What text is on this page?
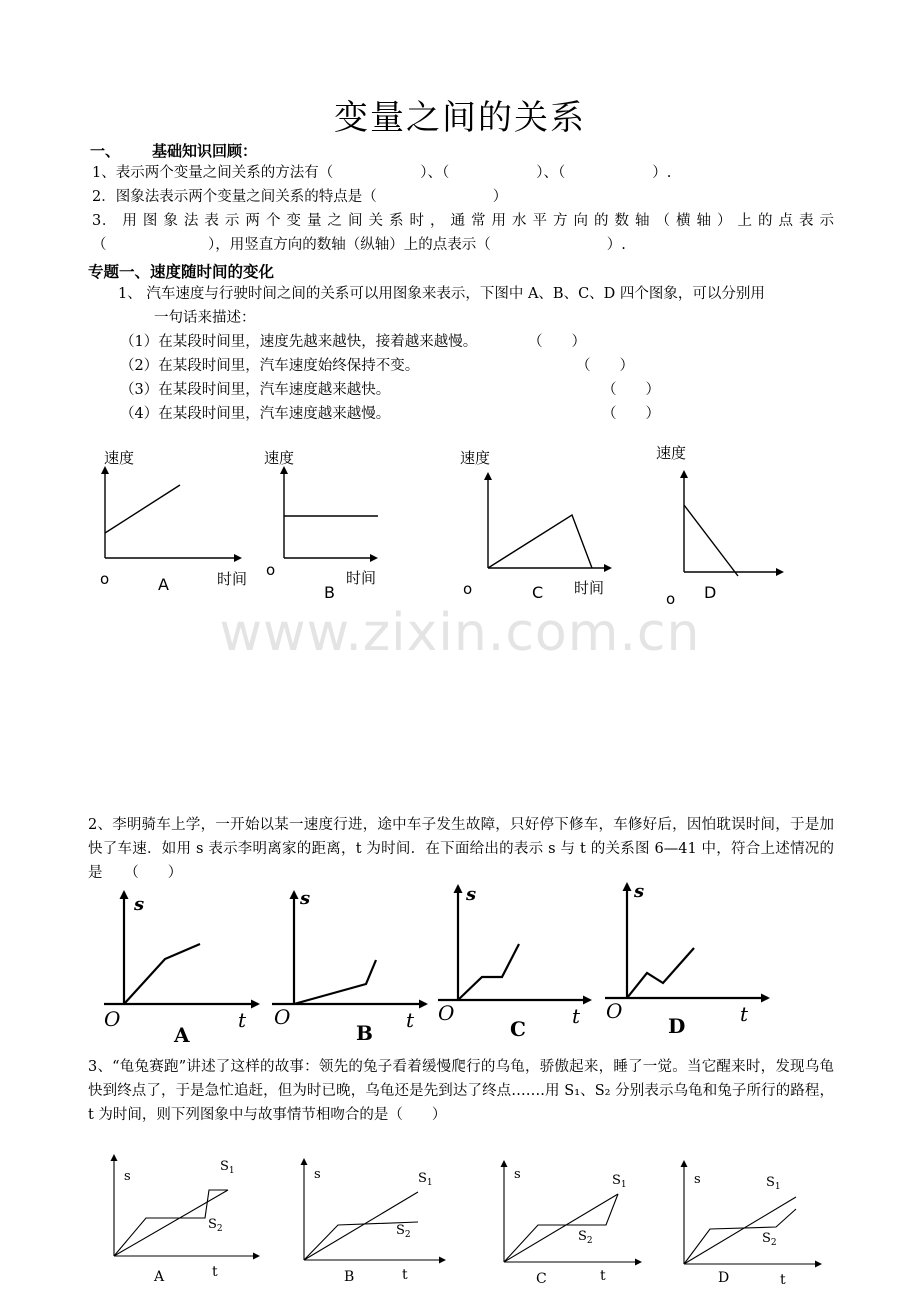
变量之间的关系
一、 基础知识回顾：
1、表示两个变量之间关系的方法有（　　　　　　）、（　　　　　　）、（　　　　　　）.
2．图象法表示两个变量之间关系的特点是（　　　　　　　　）
3． 用 图 象 法 表 示 两 个 变 量 之 间 关 系 时 ， 通 常 用 水 平 方 向 的 数 轴 （ 横 轴 ） 上 的 点 表 示
（　　　　　　　），用竖直方向的数轴（纵轴）上的点表示（　　　　　　　　）.
专题一、速度随时间的变化
1、 汽车速度与行驶时间之间的关系可以用图象来表示，下图中 A、B、C、D 四个图象，可以分别用
一句话来描述：
（1）在某段时间里，速度先越来越快，接着越来越慢。	（　　）
（2）在某段时间里，汽车速度始终保持不变。	（　　）
（3）在某段时间里，汽车速度越来越快。	（　　）
（4）在某段时间里，汽车速度越来越慢。	（　　）
速度
时间
o	A
速度
时间
o
B
速度
时间
o	C
速度
o D
www.zixin.com.cn
2、李明骑车上学，一开始以某一速度行进，途中车子发生故障，只好停下修车，车修好后，因怕耽误时间，于是加快了车速．如用 s 表示李明离家的距离，t 为时间．在下面给出的表示 s 与 t 的关系图 6—41 中，符合上述情况的是　　（　　）
s
O	t
A
s
O	t
B
s
O	t
C
s
O	t
D
3、“龟兔赛跑”讲述了这样的故事：领先的兔子看着缓慢爬行的乌龟，骄傲起来，睡了一觉。当它醒来时，发现乌龟快到终点了，于是急忙追赶，但为时已晚，乌龟还是先到达了终点…….用 S₁、S₂ 分别表示乌龟和兔子所行的路程，t 为时间，则下列图象中与故事情节相吻合的是（　　）
s
$S_1$
$S_2$
A	t
s	$S_1$
$S_2$
B	t
s	$S_1$
$S_2$
C	t
s	$S_1$
$S_2$
D	t
